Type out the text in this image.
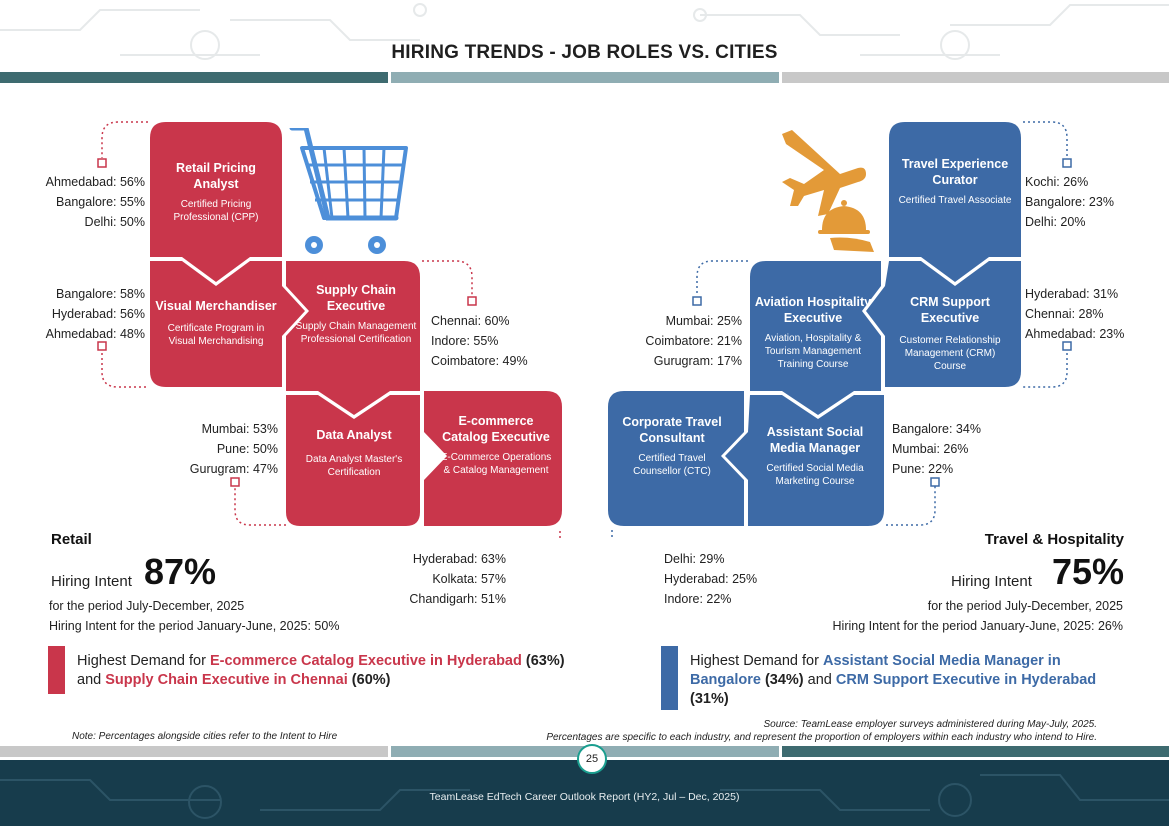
HIRING TRENDS - JOB ROLES VS. CITIES
Retail Pricing Analyst
Certified Pricing Professional (CPP)
Visual Merchandiser
Certificate Program in Visual Merchandising
Supply Chain Executive
Supply Chain Management Professional Certification
Data Analyst
Data Analyst Master's Certification
E-commerce Catalog Executive
E-Commerce Operations & Catalog Management
Ahmedabad: 56%
Bangalore: 55%
Delhi: 50%
Bangalore: 58%
Hyderabad: 56%
Ahmedabad: 48%
Chennai: 60%
Indore: 55%
Coimbatore: 49%
Mumbai: 53%
Pune: 50%
Gurugram: 47%
Hyderabad: 63%
Kolkata: 57%
Chandigarh: 51%
Retail
Hiring Intent 87%
for the period July-December, 2025
Hiring Intent for the period January-June, 2025: 50%
Highest Demand for E-commerce Catalog Executive in Hyderabad (63%) and Supply Chain Executive in Chennai (60%)
Travel Experience Curator
Certified Travel Associate
Aviation Hospitality Executive
Aviation, Hospitality & Tourism Management Training Course
CRM Support Executive
Customer Relationship Management (CRM) Course
Corporate Travel Consultant
Certified Travel Counsellor (CTC)
Assistant Social Media Manager
Certified Social Media Marketing Course
Kochi: 26%
Bangalore: 23%
Delhi: 20%
Hyderabad: 31%
Chennai: 28%
Ahmedabad: 23%
Mumbai: 25%
Coimbatore: 21%
Gurugram: 17%
Bangalore: 34%
Mumbai: 26%
Pune: 22%
Delhi: 29%
Hyderabad: 25%
Indore: 22%
Travel & Hospitality
Hiring Intent 75%
for the period July-December, 2025
Hiring Intent for the period January-June, 2025: 26%
Highest Demand for Assistant Social Media Manager in Bangalore (34%) and CRM Support Executive in Hyderabad (31%)
Note: Percentages alongside cities refer to the Intent to Hire
Source: TeamLease employer surveys administered during May-July, 2025.
Percentages are specific to each industry, and represent the proportion of employers within each industry who intend to Hire.
25
TeamLease EdTech Career Outlook Report (HY2, Jul – Dec, 2025)
